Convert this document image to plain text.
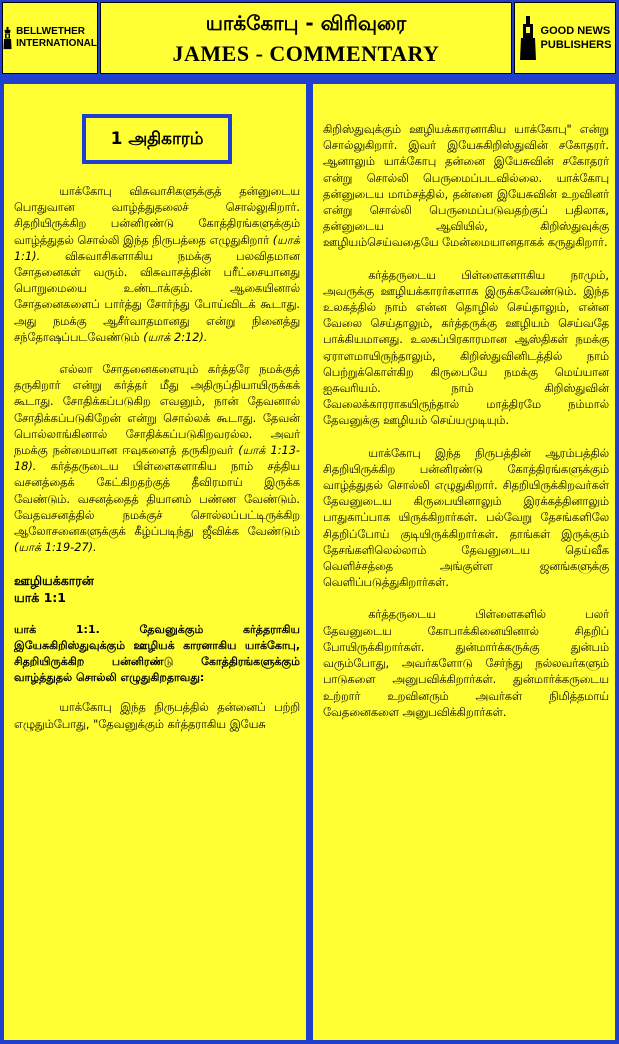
BELLWETHER
INTERNATIONAL
யாக்கோபு - விரிவுரை
JAMES - COMMENTARY
GOOD NEWS
PUBLISHERS
1 அதிகாரம்

யாக்கோபு விசுவாசிகளுக்குத் தன்னுடைய பொதுவான வாழ்த்துதலைச் சொல்லுகிறார். சிதறியிருக்கிற பன்னிரண்டு கோத்திரங்களுக்கும் வாழ்த்துதல் சொல்லி இந்த நிருபத்தை எழுதுகிறார் (யாக் 1:1). விசுவாசிகளாகிய நமக்கு பலவிதமான சோதனைகள் வரும். விசுவாசத்தின் பரீட்சையானது பொறுமையை உண்டாக்கும். ஆகையினால் சோதனைகளைப் பார்த்து சோர்ந்து போய்விடக் கூடாது. அது நமக்கு ஆசீர்வாதமானது என்று நினைத்து சந்தோஷப்படவேண்டும் (யாக் 2:12).

எல்லா சோதனைகளையும் கர்த்தரே நமக்குத் தருகிறார் என்று கர்த்தர் மீது அதிருப்தியாயிருக்கக் கூடாது. சோதிக்கப்படுகிற எவனும், நான் தேவனால் சோதிக்கப்படுகிறேன் என்று சொல்லக் கூடாது. தேவன் பொல்லாங்கினால் சோதிக்கப்படுகிறவரல்ல. அவர் நமக்கு நன்மையான ஈவுகளைத் தருகிறவர் (யாக் 1:13-18). கர்த்தருடைய பிள்ளைகளாகிய நாம் சத்திய வசனத்தைக் கேட்கிறதற்குத் தீவிரமாய் இருக்க வேண்டும். வசனத்தைத் தியானம் பண்ண வேண்டும். வேதவசனத்தில் நமக்குச் சொல்லப்பட்டிருக்கிற ஆலோசனைகளுக்குக் கீழ்ப்படிந்து ஜீவிக்க வேண்டும் (யாக் 1:19-27).

ஊழியக்காரன்
யாக் 1:1

யாக் 1:1. தேவனுக்கும் கர்த்தராகிய இயேசுகிறிஸ்துவுக்கும் ஊழியக் காரனாகிய யாக்கோபு, சிதறியிருக்கிற பன்னிரண்டு கோத்திரங்களுக்கும் வாழ்த்துதல் சொல்லி எழுதுகிறதாவது:

யாக்கோபு இந்த நிருபத்தில் தன்னைப் பற்றி எழுதும்போது, "தேவனுக்கும் கர்த்தராகிய இயேசு

கிறிஸ்துவுக்கும் ஊழியக்காரனாகிய யாக்கோபு" என்று சொல்லுகிறார். இவர் இயேசுகிறிஸ்துவின் சகோதரர். ஆனாலும் யாக்கோபு தன்னை இயேசுவின் சகோதரர் என்று சொல்லி பெருமைப்படவில்லை. யாக்கோபு தன்னுடைய மாம்சத்தில், தன்னை இயேசுவின் உறவினர் என்று சொல்லி பெருமைப்படுவதற்குப் பதிலாக, தன்னுடைய ஆவியில், கிறிஸ்துவுக்கு ஊழியம்செய்வதையே மேன்மையானதாகக் கருதுகிறார்.

கர்த்தருடைய பிள்ளைகளாகிய நாமும், அவருக்கு ஊழியக்காரர்களாக இருக்கவேண்டும். இந்த உலகத்தில் நாம் என்ன தொழில் செய்தாலும், என்ன வேலை செய்தாலும், கர்த்தருக்கு ஊழியம் செய்வதே பாக்கியமானது. உலகப்பிரகாரமான ஆஸ்திகள் நமக்கு ஏராளமாயிருந்தாலும், கிறிஸ்துவினிடத்தில் நாம் பெற்றுக்கொள்கிற கிருபையே நமக்கு மெய்யான ஐசுவரியம். நாம் கிறிஸ்துவின் வேலைக்காரராகயிருந்தால் மாத்திரமே நம்மால் தேவனுக்கு ஊழியம் செய்யமுடியும்.

யாக்கோபு இந்த நிருபத்தின் ஆரம்பத்தில் சிதறியிருக்கிற பன்னிரண்டு கோத்திரங்களுக்கும் வாழ்த்துதல் சொல்லி எழுதுகிறார். சிதறியிருக்கிறவர்கள் தேவனுடைய கிருபையினாலும் இரக்கத்தினாலும் பாதுகாப்பாக யிருக்கிறார்கள். பல்வேறு தேசங்களிலே சிதறிப்போய் குடியிருக்கிறார்கள். தாங்கள் இருக்கும் தேசங்களிலெல்லாம் தேவனுடைய தெய்வீக வெளிச்சத்தை அங்குள்ள ஜனங்களுக்கு வெளிப்படுத்துகிறார்கள்.

கர்த்தருடைய பிள்ளைகளில் பலர் தேவனுடைய கோபாக்கினையினால் சிதறிப் போயிருக்கிறார்கள். துன்மார்க்கருக்கு துன்பம் வரும்போது, அவர்களோடு சேர்ந்து நல்லவர்களும் பாடுகளை அனுபவிக்கிறார்கள். துன்மார்க்கருடைய உற்றார் உறவினரும் அவர்கள் நிமித்தமாய் வேதனைகளை அனுபவிக்கிறார்கள்.
